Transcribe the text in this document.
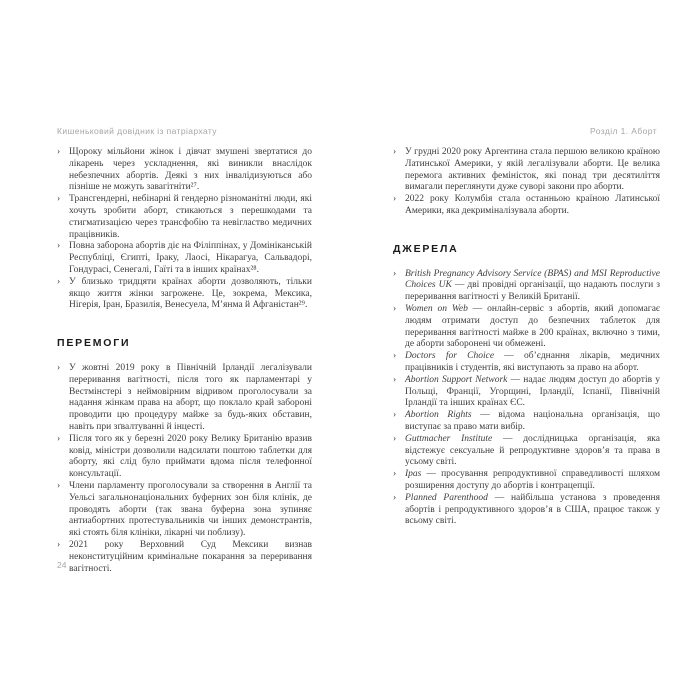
Кишеньковий довідник із патріархату	Розділ 1. Аборт
› Щороку мільйони жінок і дівчат змушені звертатися до лікарень через ускладнення, які виникли внаслідок небезпечних абортів. Деякі з них інвалідизуються або пізніше не можуть завагітніти²⁷.
› Трансгендерні, небінарні й гендерно різноманітні люди, які хочуть зробити аборт, стикаються з перешкодами та стигматизацією через трансфобію та невігластво медичних працівників.
› Повна заборона абортів діє на Філіппінах, у Домініканській Республіці, Єгипті, Іраку, Лаосі, Нікарагуа, Сальвадорі, Гондурасі, Сенегалі, Гаїті та в інших країнах²⁸.
› У близько тридцяти країнах аборти дозволяють, тільки якщо життя жінки загрожене. Це, зокрема, Мексика, Нігерія, Іран, Бразилія, Венесуела, М’янма й Афганістан²⁹.
ПЕРЕМОГИ
› У жовтні 2019 року в Північній Ірландії легалізували переривання вагітності, після того як парламентарі у Вестмінстері з неймовірним відривом проголосували за надання жінкам права на аборт, що поклало край забороні проводити цю процедуру майже за будь-яких обставин, навіть при зґвалтуванні й інцесті.
› Після того як у березні 2020 року Велику Британію вразив ковід, міністри дозволили надсилати поштою таблетки для аборту, які слід було приймати вдома після телефонної консультації.
› Члени парламенту проголосували за створення в Англії та Уельсі загальнонаціональних буферних зон біля клінік, де проводять аборти (так звана буферна зона зупиняє антиабортних протестувальників чи інших демонстрантів, які стоять біля клініки, лікарні чи поблизу).
› 2021 року Верховний Суд Мексики визнав неконституційним кримінальне покарання за переривання вагітності.
› У грудні 2020 року Аргентина стала першою великою країною Латинської Америки, у якій легалізували аборти. Це велика перемога активних феміністок, які понад три десятиліття вимагали переглянути дуже суворі закони про аборти.
› 2022 року Колумбія стала останньою країною Латинської Америки, яка декриміналізувала аборти.
ДЖЕРЕЛА
› British Pregnancy Advisory Service (BPAS) and MSI Reproductive Choices UK — дві провідні організації, що надають послуги з переривання вагітності у Великій Британії.
› Women on Web — онлайн-сервіс з абортів, який допомагає людям отримати доступ до безпечних таблеток для переривання вагітності майже в 200 країнах, включно з тими, де аборти заборонені чи обмежені.
› Doctors for Choice — об’єднання лікарів, медичних працівників і студентів, які виступають за право на аборт.
› Abortion Support Network — надає людям доступ до абортів у Польщі, Франції, Угорщині, Ірландії, Іспанії, Північній Ірландії та інших країнах ЄС.
› Abortion Rights — відома національна організація, що виступає за право мати вибір.
› Guttmacher Institute — дослідницька організація, яка відстежує сексуальне й репродуктивне здоров’я та права в усьому світі.
› Ipas — просування репродуктивної справедливості шляхом розширення доступу до абортів і контрацепції.
› Planned Parenthood — найбільша установа з проведення абортів і репродуктивного здоров’я в США, працює також у всьому світі.
24
